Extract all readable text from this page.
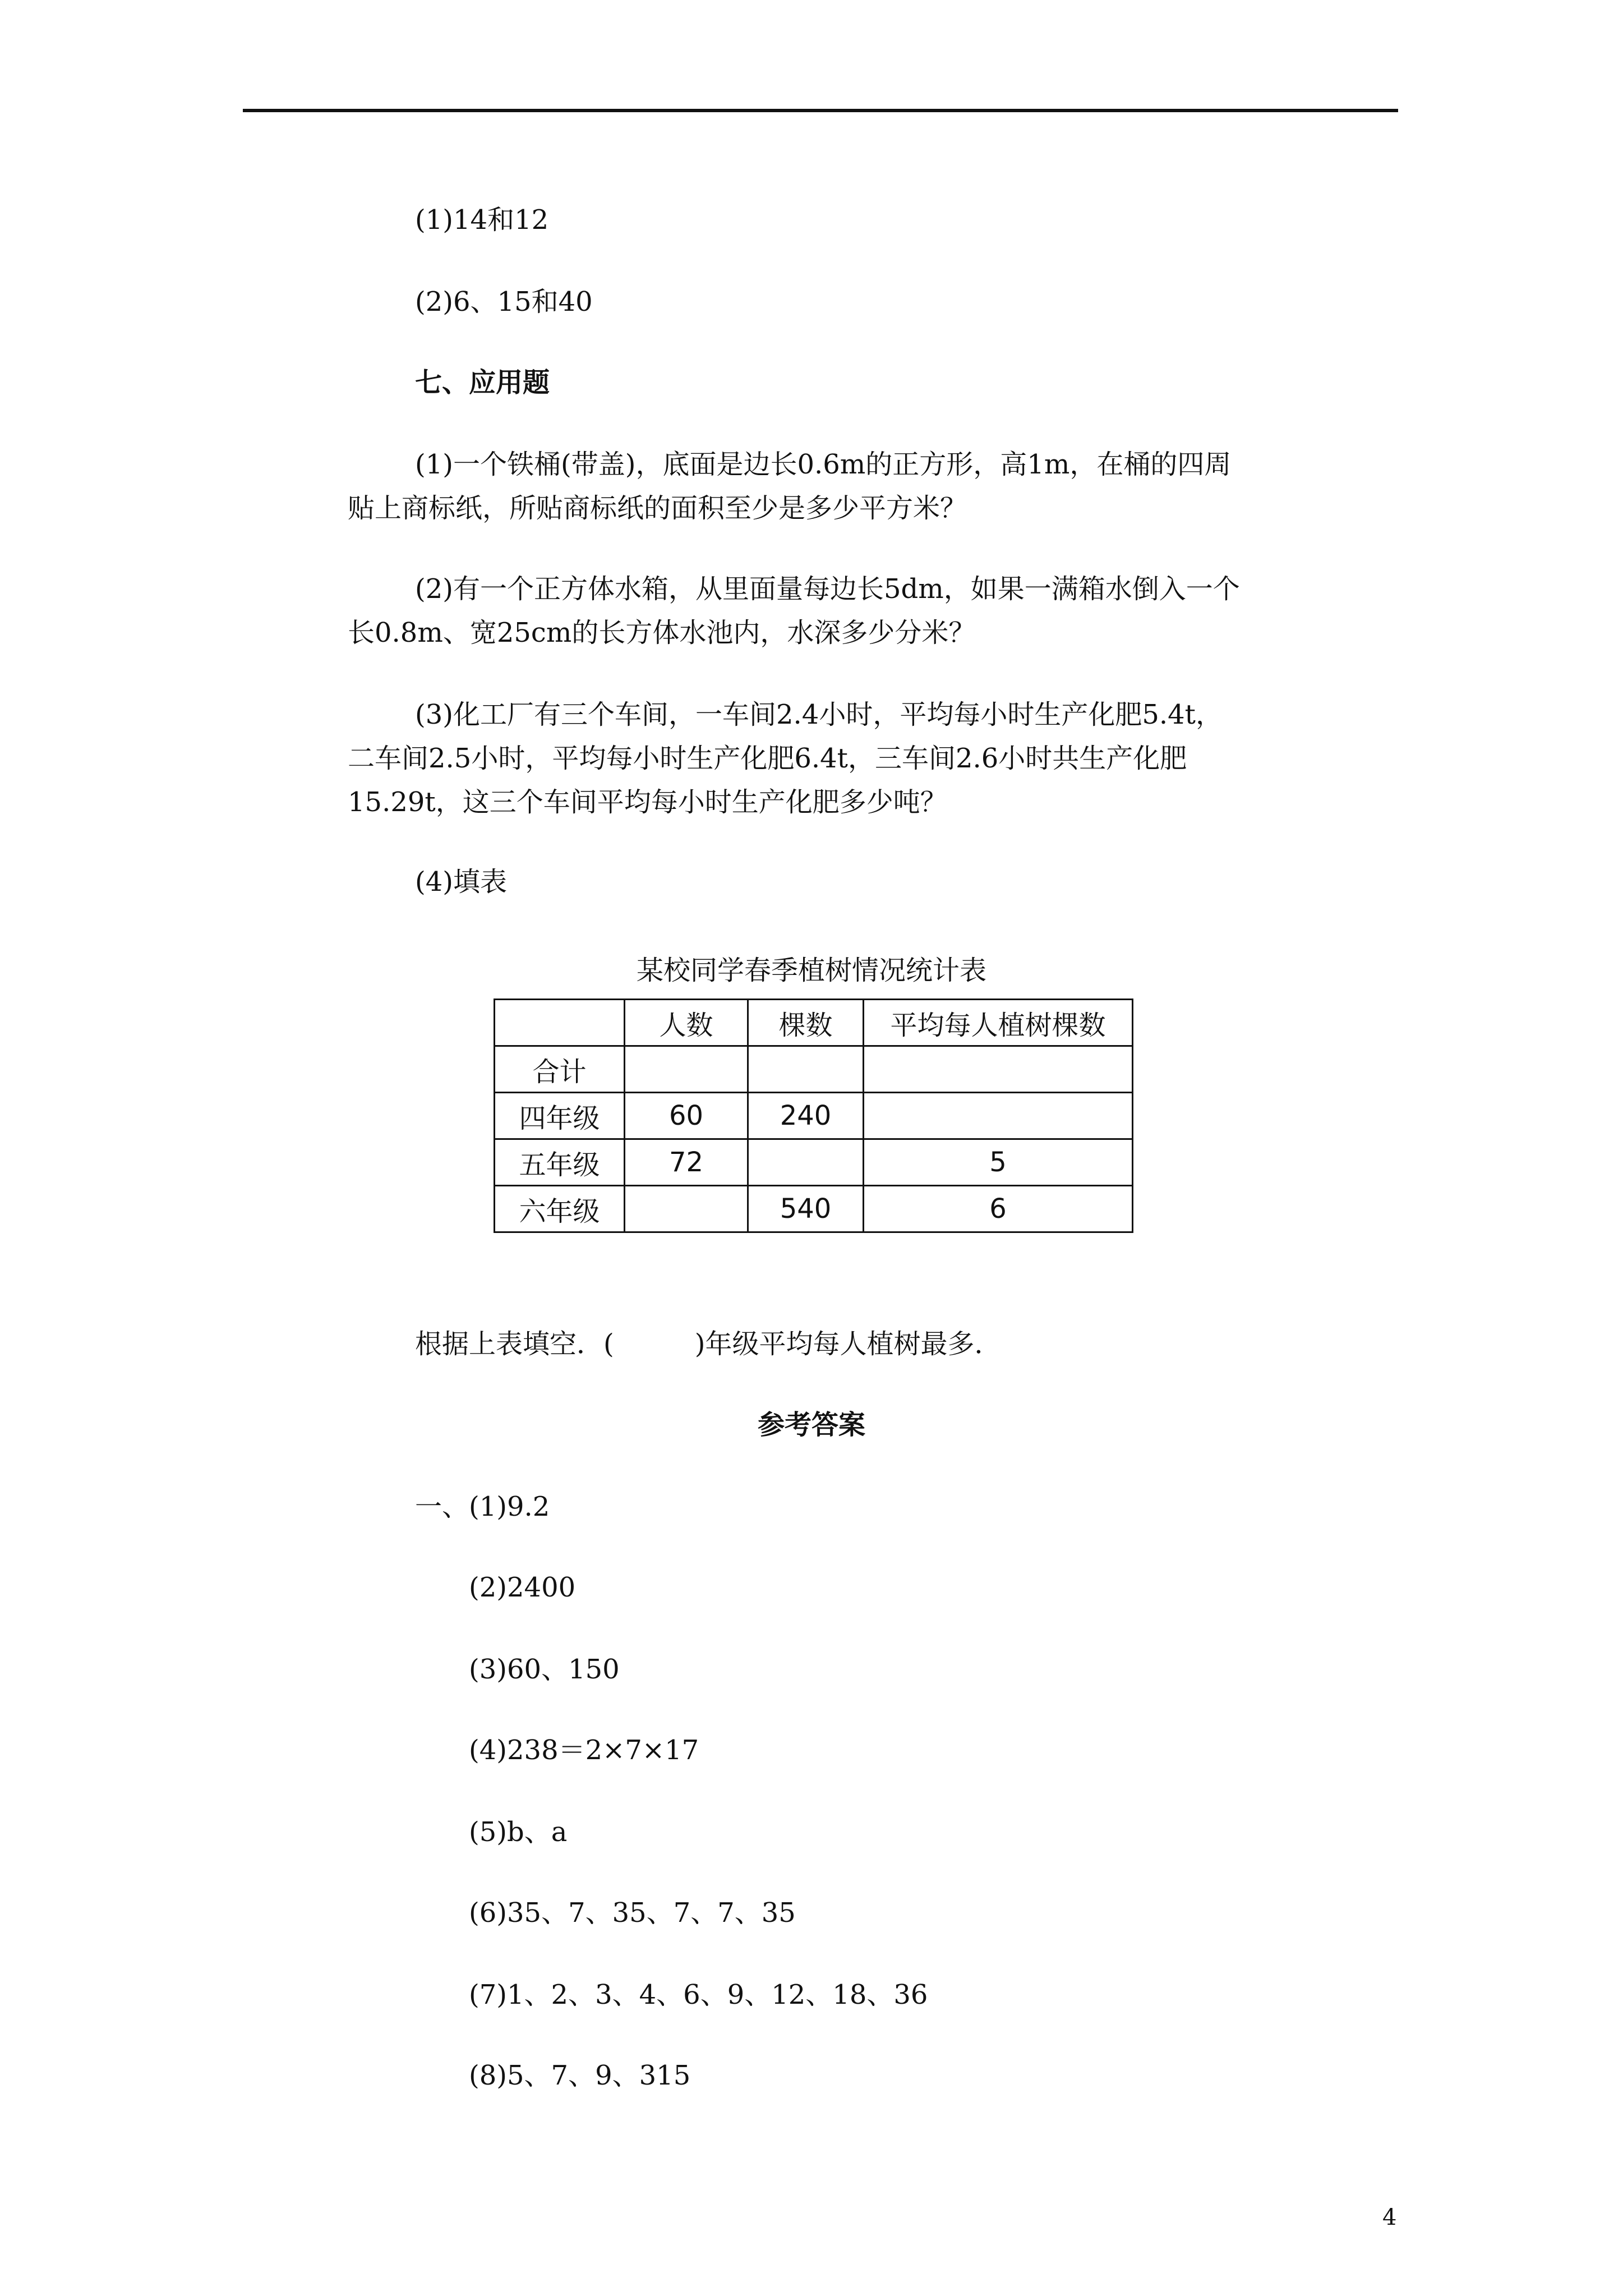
(1)14和12
(2)6、15和40
七、应用题
(1)一个铁桶(带盖)，底面是边长0.6m的正方形，高1m，在桶的四周
贴上商标纸，所贴商标纸的面积至少是多少平方米？
(2)有一个正方体水箱，从里面量每边长5dm，如果一满箱水倒入一个
长0.8m、宽25cm的长方体水池内，水深多少分米？
(3)化工厂有三个车间，一车间2.4小时，平均每小时生产化肥5.4t，
二车间2.5小时，平均每小时生产化肥6.4t，三车间2.6小时共生产化肥
15.29t，这三个车间平均每小时生产化肥多少吨？
(4)填表
某校同学春季植树情况统计表
	人数	棵数	平均每人植树棵数
合计			
四年级	60	240	
五年级	72		5
六年级		540	6
根据上表填空．(　　　)年级平均每人植树最多．
参考答案
一、(1)9.2
(2)2400
(3)60、150
(4)238＝2×7×17
(5)b、a
(6)35、7、35、7、7、35
(7)1、2、3、4、6、9、12、18、36
(8)5、7、9、315
4
